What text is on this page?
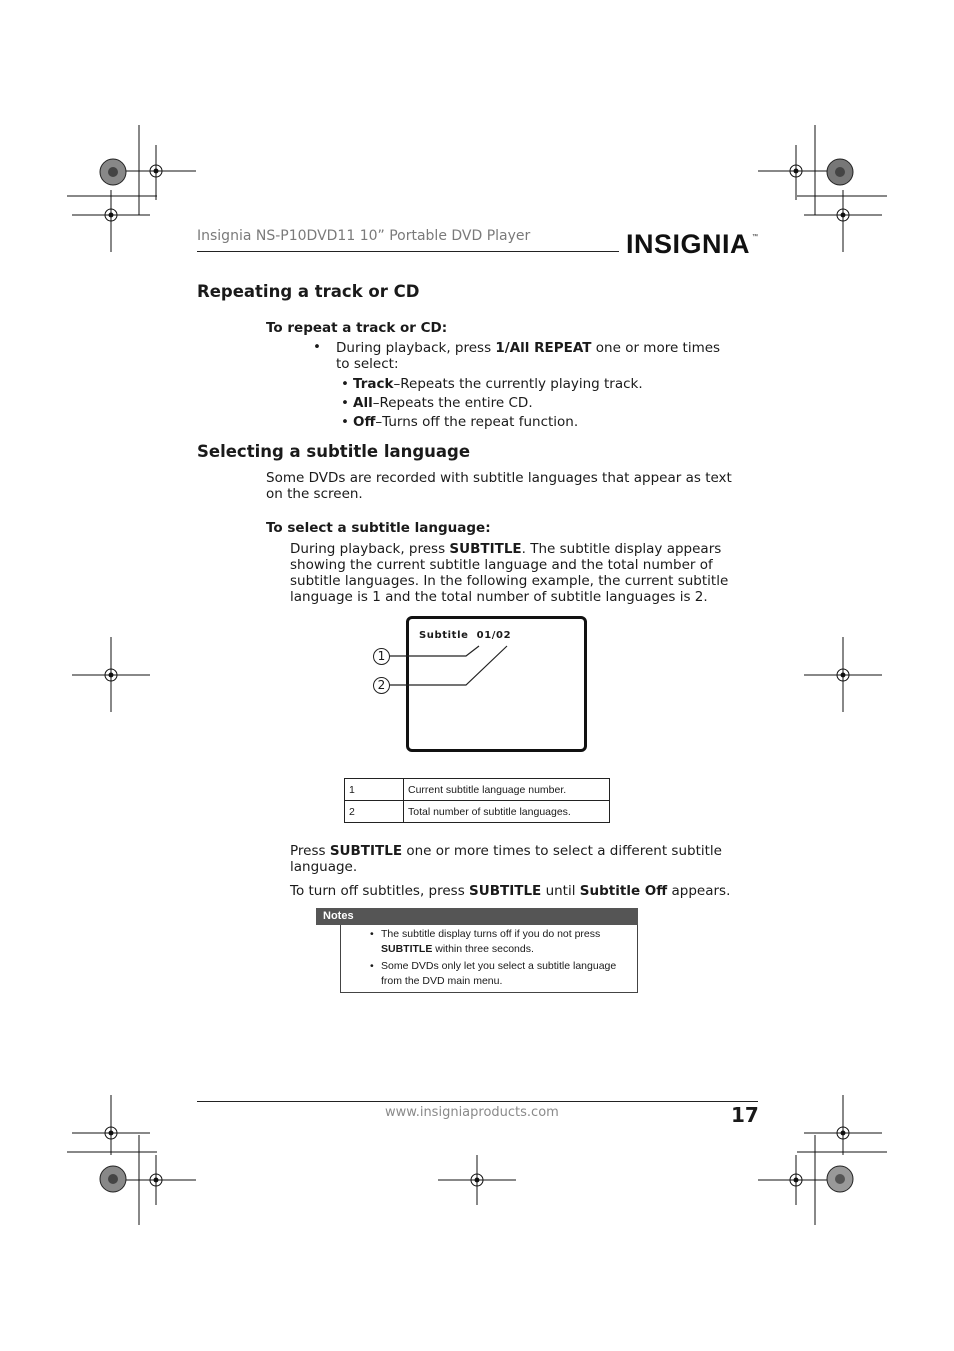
Insignia NS-P10DVD11 10” Portable DVD Player	INSIGNIA ™
Repeating a track or CD
To repeat a track or CD:
• During playback, press 1/All REPEAT one or more times to select:
• Track–Repeats the currently playing track.
• All–Repeats the entire CD.
• Off–Turns off the repeat function.
Selecting a subtitle language
Some DVDs are recorded with subtitle languages that appear as text on the screen.
To select a subtitle language:
During playback, press SUBTITLE. The subtitle display appears showing the current subtitle language and the total number of subtitle languages. In the following example, the current subtitle language is 1 and the total number of subtitle languages is 2.
Subtitle 01/02
1
2
1	Current subtitle language number.
2	Total number of subtitle languages.
Press SUBTITLE one or more times to select a different subtitle language.
To turn off subtitles, press SUBTITLE until Subtitle Off appears.
Notes
• The subtitle display turns off if you do not press SUBTITLE within three seconds.
• Some DVDs only let you select a subtitle language from the DVD main menu.
www.insigniaproducts.com	17
